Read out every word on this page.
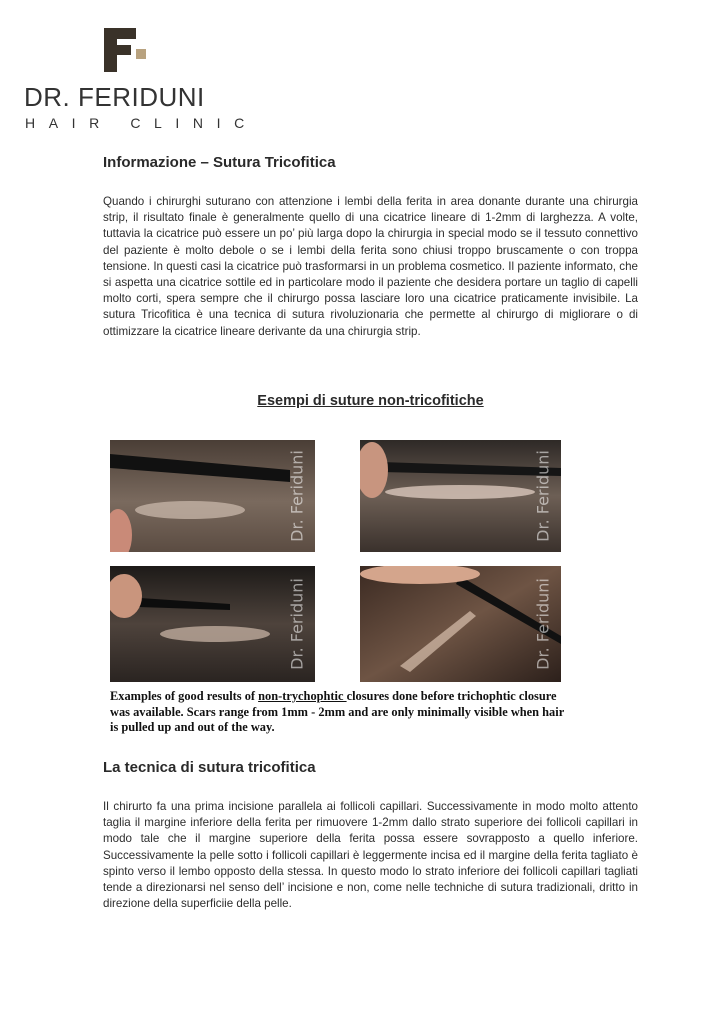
DR. FERIDUNI
HAIR CLINIC
Informazione – Sutura Tricofitica

Quando i chirurghi suturano con attenzione i lembi della ferita in area donante durante una chirurgia strip, il risultato finale è generalmente quello di una cicatrice lineare di 1-2mm di larghezza. A volte, tuttavia la cicatrice può essere un po’ più larga dopo la chirurgia in special modo se il tessuto connettivo del paziente è molto debole o se i lembi della ferita sono chiusi troppo bruscamente o con troppa tensione. In questi casi la cicatrice può trasformarsi in un problema cosmetico. Il paziente informato, che si aspetta una cicatrice sottile ed in particolare modo il paziente che desidera portare un taglio di capelli molto corti, spera sempre che il chirurgo possa lasciare loro una cicatrice praticamente invisibile. La sutura Tricofitica è una tecnica di sutura rivoluzionaria che permette al chirurgo di migliorare o di ottimizzare la cicatrice lineare derivante da una chirurgia strip.

Esempi di suture non-tricofitiche
Dr. Feriduni	Dr. Feriduni
Dr. Feriduni	Dr. Feriduni

Examples of good results of non-trychophtic closures done before trichophtic closure was available. Scars range from 1mm - 2mm and are only minimally visible when hair is pulled up and out of the way.

La tecnica di sutura tricofitica

Il chirurto fa una prima incisione parallela ai follicoli capillari. Successivamente in modo molto attento taglia il margine inferiore della ferita per rimuovere 1-2mm dallo strato superiore dei follicoli capillari in modo tale che il margine superiore della ferita possa essere sovrapposto a quello inferiore. Successivamente la pelle sotto i follicoli capillari è leggermente incisa ed il margine della ferita tagliato è spinto verso il lembo opposto della stessa. In questo modo lo strato inferiore dei follicoli capillari tagliati tende a direzionarsi nel senso dell’ incisione e non, come nelle techniche di sutura tradizionali, dritto in direzione della superficiie della pelle.
